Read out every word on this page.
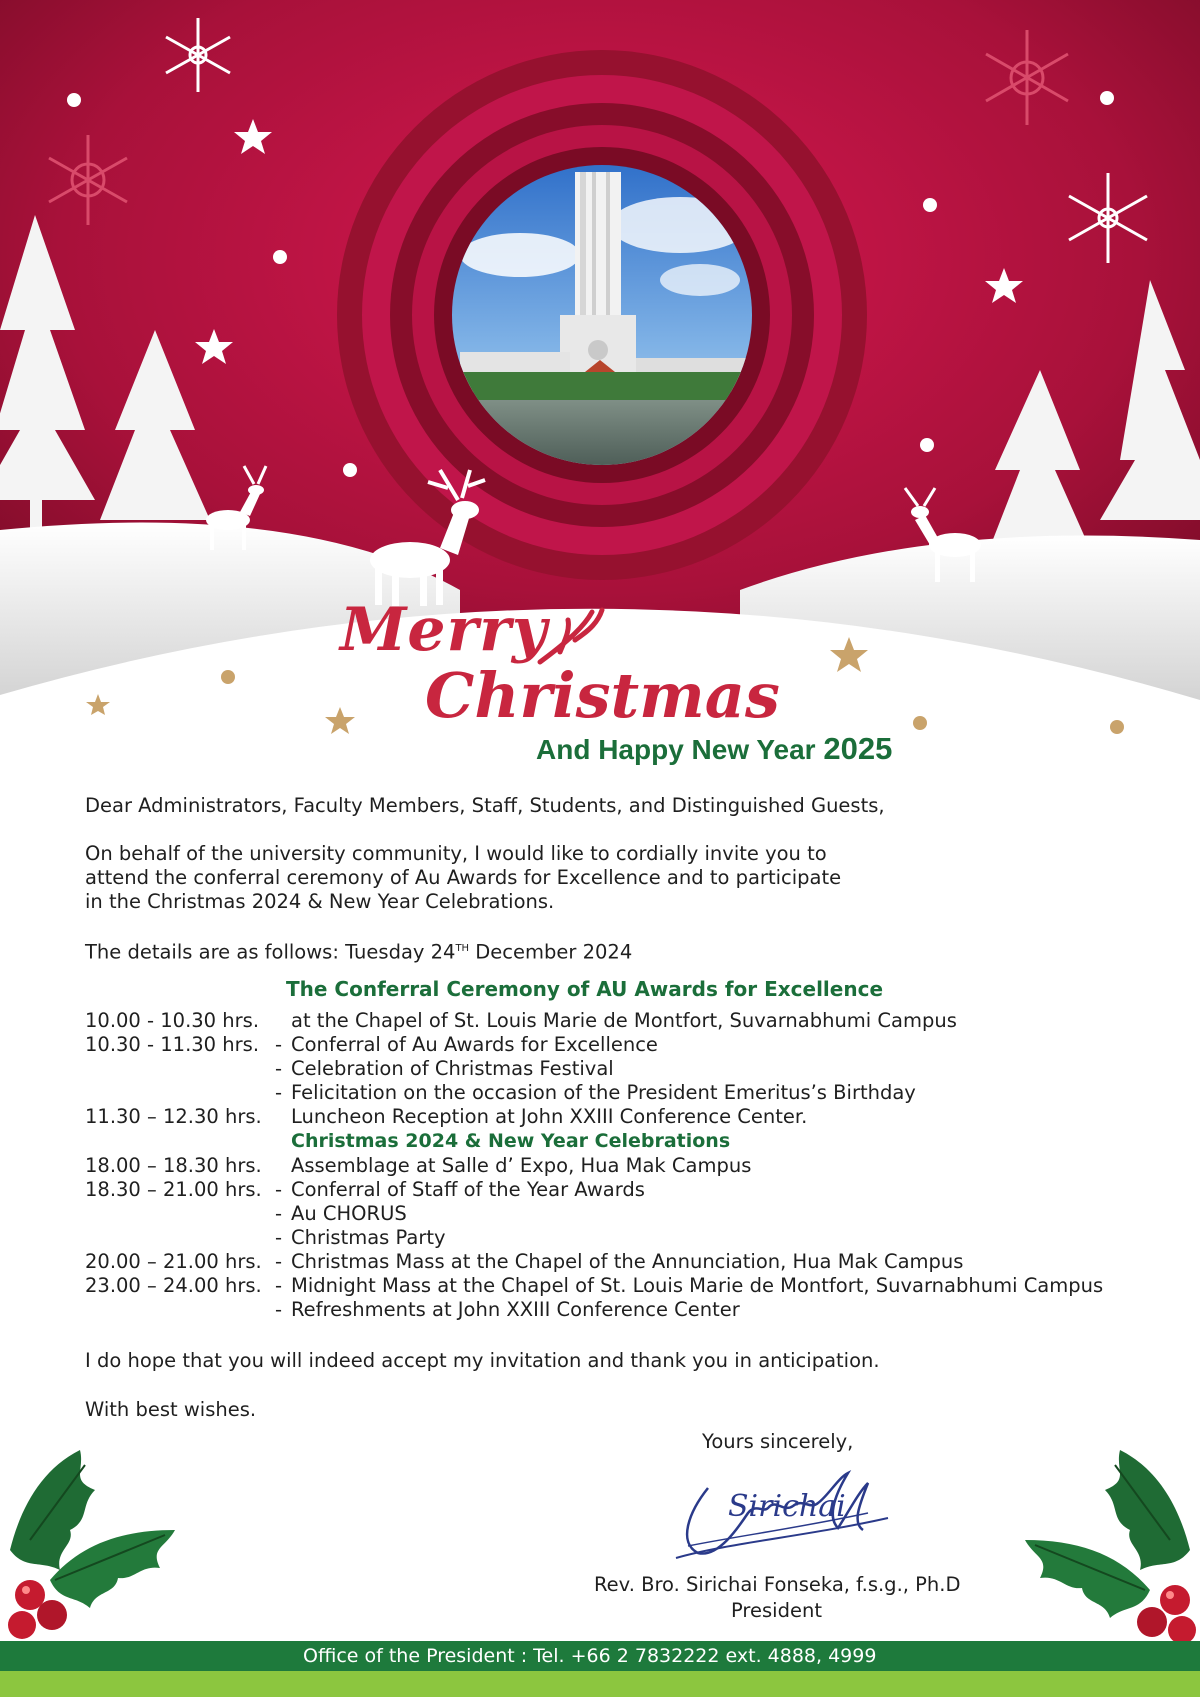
Merry
Christmas
And Happy New Year 2025
Dear Administrators, Faculty Members, Staff, Students, and Distinguished Guests,
On behalf of the university community, I would like to cordially invite you to
attend the conferral ceremony of Au Awards for Excellence and to participate
in the Christmas 2024 & New Year Celebrations.
The details are as follows: Tuesday 24TH December 2024
The Conferral Ceremony of AU Awards for Excellence
10.00 - 10.30 hrs. at the Chapel of St. Louis Marie de Montfort, Suvarnabhumi Campus
10.30 - 11.30 hrs. - Conferral of Au Awards for Excellence
- Celebration of Christmas Festival
- Felicitation on the occasion of the President Emeritus’s Birthday
11.30 – 12.30 hrs. Luncheon Reception at John XXIII Conference Center.
Christmas 2024 & New Year Celebrations
18.00 – 18.30 hrs. Assemblage at Salle d’ Expo, Hua Mak Campus
18.30 – 21.00 hrs. - Conferral of Staff of the Year Awards
- Au CHORUS
- Christmas Party
20.00 – 21.00 hrs. - Christmas Mass at the Chapel of the Annunciation, Hua Mak Campus
23.00 – 24.00 hrs. - Midnight Mass at the Chapel of St. Louis Marie de Montfort, Suvarnabhumi Campus
- Refreshments at John XXIII Conference Center
I do hope that you will indeed accept my invitation and thank you in anticipation.
With best wishes.
Yours sincerely,
Sirichai
Rev. Bro. Sirichai Fonseka, f.s.g., Ph.D
President
Office of the President : Tel. +66 2 7832222 ext. 4888, 4999
